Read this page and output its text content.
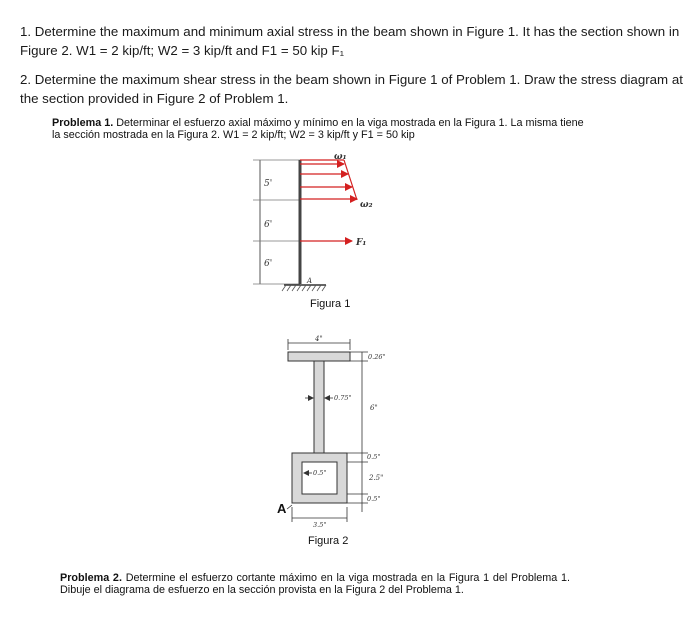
1. Determine the maximum and minimum axial stress in the beam shown in Figure 1. It has the section shown in Figure 2. W1 = 2 kip/ft; W2 = 3 kip/ft and F1 = 50 kip F₁
2. Determine the maximum shear stress in the beam shown in Figure 1 of Problem 1. Draw the stress diagram at the section provided in Figure 2 of Problem 1.
Problema 1. Determinar el esfuerzo axial máximo y mínimo en la viga mostrada en la Figura 1. La misma tiene la sección mostrada en la Figura 2. W1 = 2 kip/ft; W2 = 3 kip/ft y F1 = 50 kip
5'
6'
6'
A
ω₁
ω₂
F₁
4"
0.75"
0.5"
0.26"
6"
0.5"
2.5"
0.5"
3.5"
A
Figura 1
Figura 2
Problema 2. Determine el esfuerzo cortante máximo en la viga mostrada en la Figura 1 del Problema 1. Dibuje el diagrama de esfuerzo en la sección provista en la Figura 2 del Problema 1.
